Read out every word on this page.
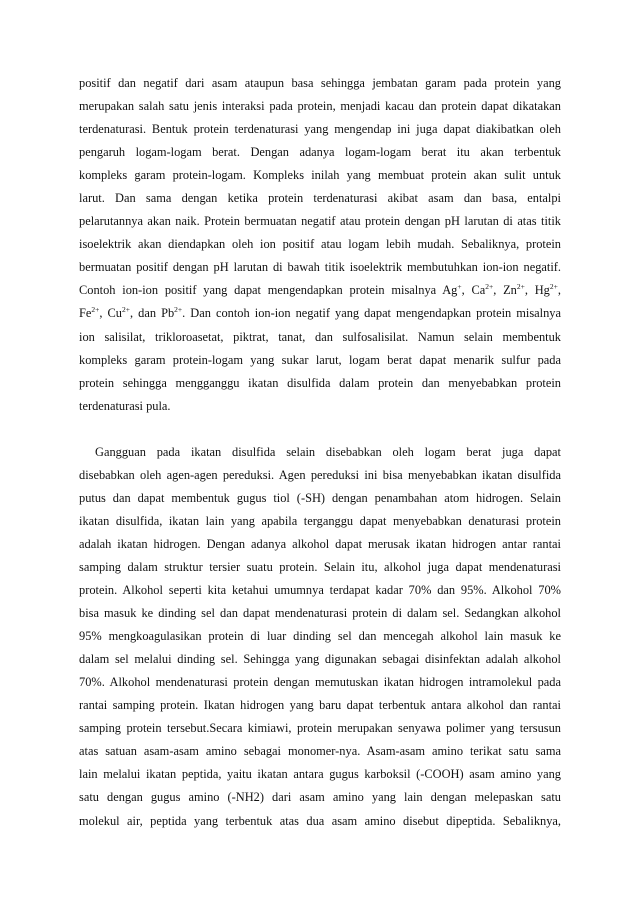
positif dan negatif dari asam ataupun basa sehingga jembatan garam pada protein yang
merupakan salah satu jenis interaksi pada protein, menjadi kacau dan protein dapat dikatakan
terdenaturasi. Bentuk protein terdenaturasi yang mengendap ini juga dapat diakibatkan oleh
pengaruh logam-logam berat. Dengan adanya logam-logam berat itu akan terbentuk
kompleks garam protein-logam. Kompleks inilah yang membuat protein akan sulit untuk
larut. Dan sama dengan ketika protein terdenaturasi akibat asam dan basa, entalpi
pelarutannya akan naik. Protein bermuatan negatif atau protein dengan pH larutan di atas titik
isoelektrik akan diendapkan oleh ion positif atau logam lebih mudah. Sebaliknya, protein
bermuatan positif dengan pH larutan di bawah titik isoelektrik membutuhkan ion-ion negatif.
Contoh ion-ion positif yang dapat mengendapkan protein misalnya Ag+, $Ca^{2+}$, $Zn^{2+}$, $Hg^{2+}$,
$Fe^{2+}$, $Cu^{2+}$, dan $Pb^{2+}$. Dan contoh ion-ion negatif yang dapat mengendapkan protein misalnya
ion salisilat, trikloroasetat, piktrat, tanat, dan sulfosalisilat. Namun selain membentuk
kompleks garam protein-logam yang sukar larut, logam berat dapat menarik sulfur pada
protein sehingga mengganggu ikatan disulfida dalam protein dan menyebabkan protein
terdenaturasi pula.
Gangguan pada ikatan disulfida selain disebabkan oleh logam berat juga dapat
disebabkan oleh agen-agen pereduksi. Agen pereduksi ini bisa menyebabkan ikatan disulfida
putus dan dapat membentuk gugus tiol (-SH) dengan penambahan atom hidrogen. Selain
ikatan disulfida, ikatan lain yang apabila terganggu dapat menyebabkan denaturasi protein
adalah ikatan hidrogen. Dengan adanya alkohol dapat merusak ikatan hidrogen antar rantai
samping dalam struktur tersier suatu protein. Selain itu, alkohol juga dapat mendenaturasi
protein. Alkohol seperti kita ketahui umumnya terdapat kadar 70% dan 95%. Alkohol 70%
bisa masuk ke dinding sel dan dapat mendenaturasi protein di dalam sel. Sedangkan alkohol
95% mengkoagulasikan protein di luar dinding sel dan mencegah alkohol lain masuk ke
dalam sel melalui dinding sel. Sehingga yang digunakan sebagai disinfektan adalah alkohol
70%. Alkohol mendenaturasi protein dengan memutuskan ikatan hidrogen intramolekul pada
rantai samping protein. Ikatan hidrogen yang baru dapat terbentuk antara alkohol dan rantai
samping protein tersebut.Secara kimiawi, protein merupakan senyawa polimer yang tersusun
atas satuan asam-asam amino sebagai monomer-nya. Asam-asam amino terikat satu sama
lain melalui ikatan peptida, yaitu ikatan antara gugus karboksil (-COOH) asam amino yang
satu dengan gugus amino (-NH2) dari asam amino yang lain dengan melepaskan satu
molekul air, peptida yang terbentuk atas dua asam amino disebut dipeptida. Sebaliknya,
